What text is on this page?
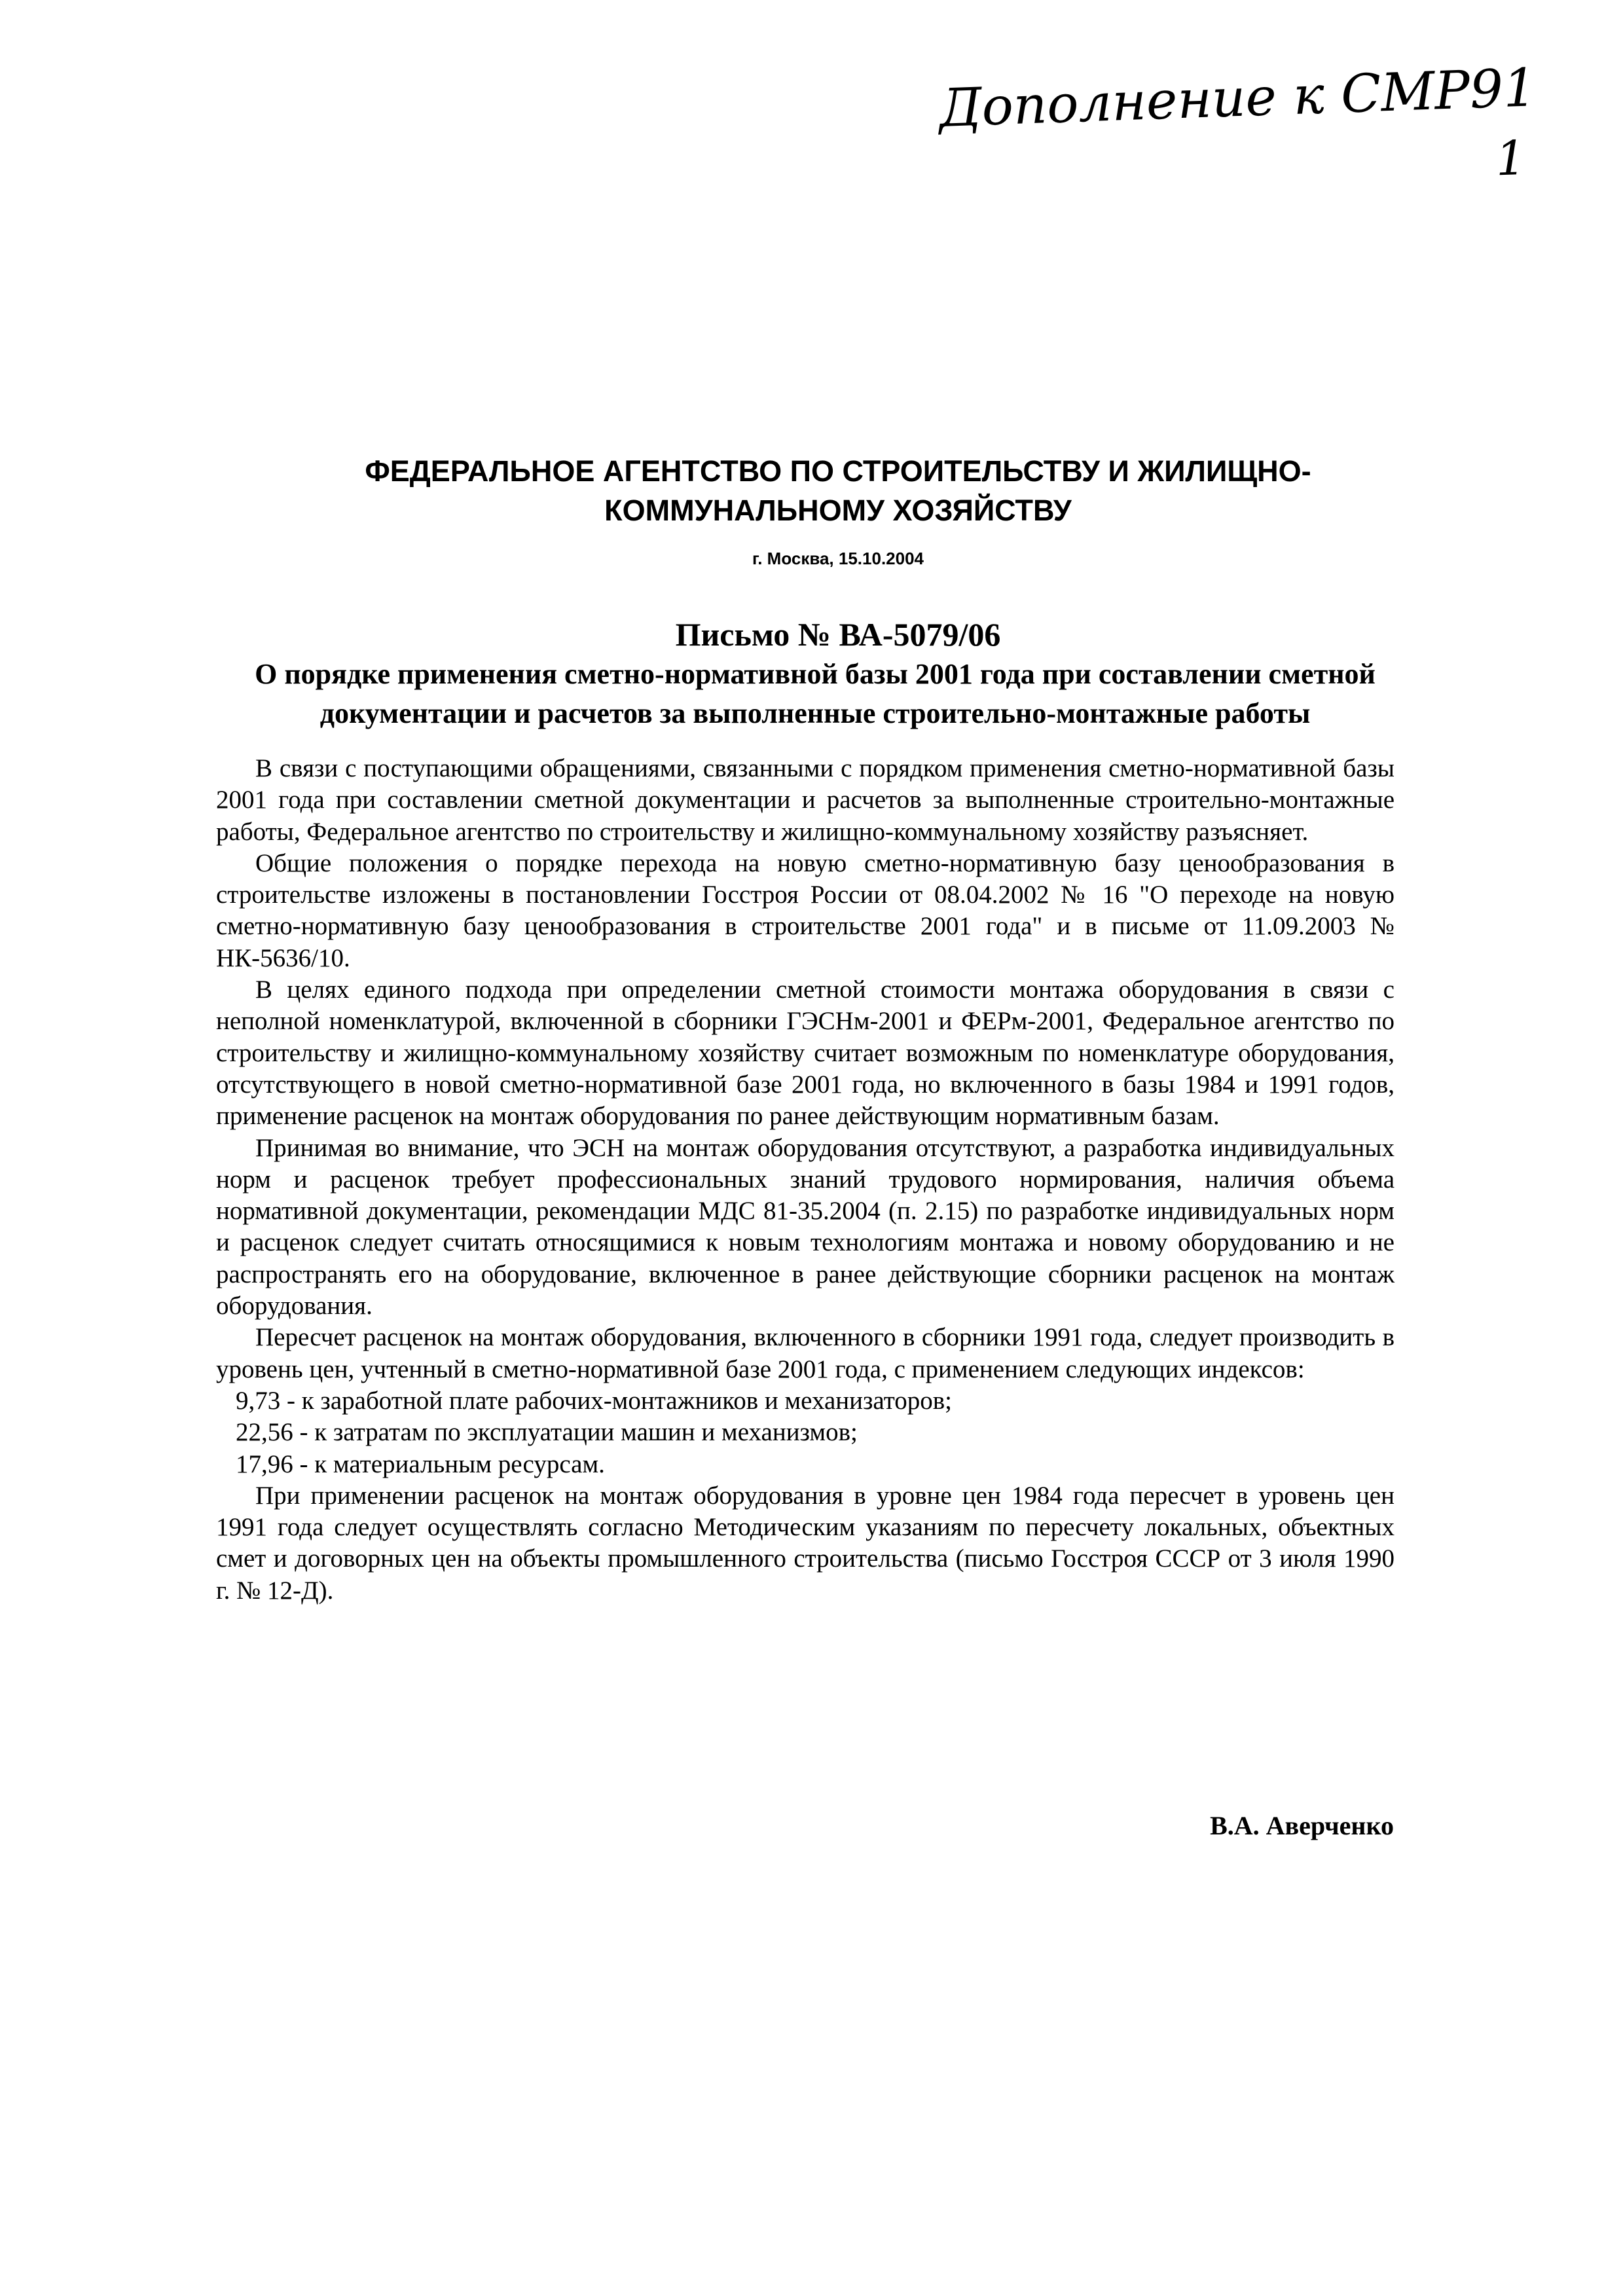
Дополнение к СМР91
1
ФЕДЕРАЛЬНОЕ АГЕНТСТВО ПО СТРОИТЕЛЬСТВУ И ЖИЛИЩНО-КОММУНАЛЬНОМУ ХОЗЯЙСТВУ
г. Москва, 15.10.2004
Письмо № ВА-5079/06
О порядке применения сметно-нормативной базы 2001 года при составлении сметной документации и расчетов за выполненные строительно-монтажные работы

В связи с поступающими обращениями, связанными с порядком применения сметно-нормативной базы 2001 года при составлении сметной документации и расчетов за выполненные строительно-монтажные работы, Федеральное агентство по строительству и жилищно-коммунальному хозяйству разъясняет.

Общие положения о порядке перехода на новую сметно-нормативную базу ценообразования в строительстве изложены в постановлении Госстроя России от 08.04.2002 № 16 "О переходе на новую сметно-нормативную базу ценообразования в строительстве 2001 года" и в письме от 11.09.2003 № НК-5636/10.

В целях единого подхода при определении сметной стоимости монтажа оборудования в связи с неполной номенклатурой, включенной в сборники ГЭСНм-2001 и ФЕРм-2001, Федеральное агентство по строительству и жилищно-коммунальному хозяйству считает возможным по номенклатуре оборудования, отсутствующего в новой сметно-нормативной базе 2001 года, но включенного в базы 1984 и 1991 годов, применение расценок на монтаж оборудования по ранее действующим нормативным базам.

Принимая во внимание, что ЭСН на монтаж оборудования отсутствуют, а разработка индивидуальных норм и расценок требует профессиональных знаний трудового нормирования, наличия объема нормативной документации, рекомендации МДС 81-35.2004 (п. 2.15) по разработке индивидуальных норм и расценок следует считать относящимися к новым технологиям монтажа и новому оборудованию и не распространять его на оборудование, включенное в ранее действующие сборники расценок на монтаж оборудования.

Пересчет расценок на монтаж оборудования, включенного в сборники 1991 года, следует производить в уровень цен, учтенный в сметно-нормативной базе 2001 года, с применением следующих индексов:

9,73 - к заработной плате рабочих-монтажников и механизаторов;

22,56 - к затратам по эксплуатации машин и механизмов;

17,96 - к материальным ресурсам.

При применении расценок на монтаж оборудования в уровне цен 1984 года пересчет в уровень цен 1991 года следует осуществлять согласно Методическим указаниям по пересчету локальных, объектных смет и договорных цен на объекты промышленного строительства (письмо Госстроя СССР от 3 июля 1990 г. № 12-Д).

В.А. Аверченко
